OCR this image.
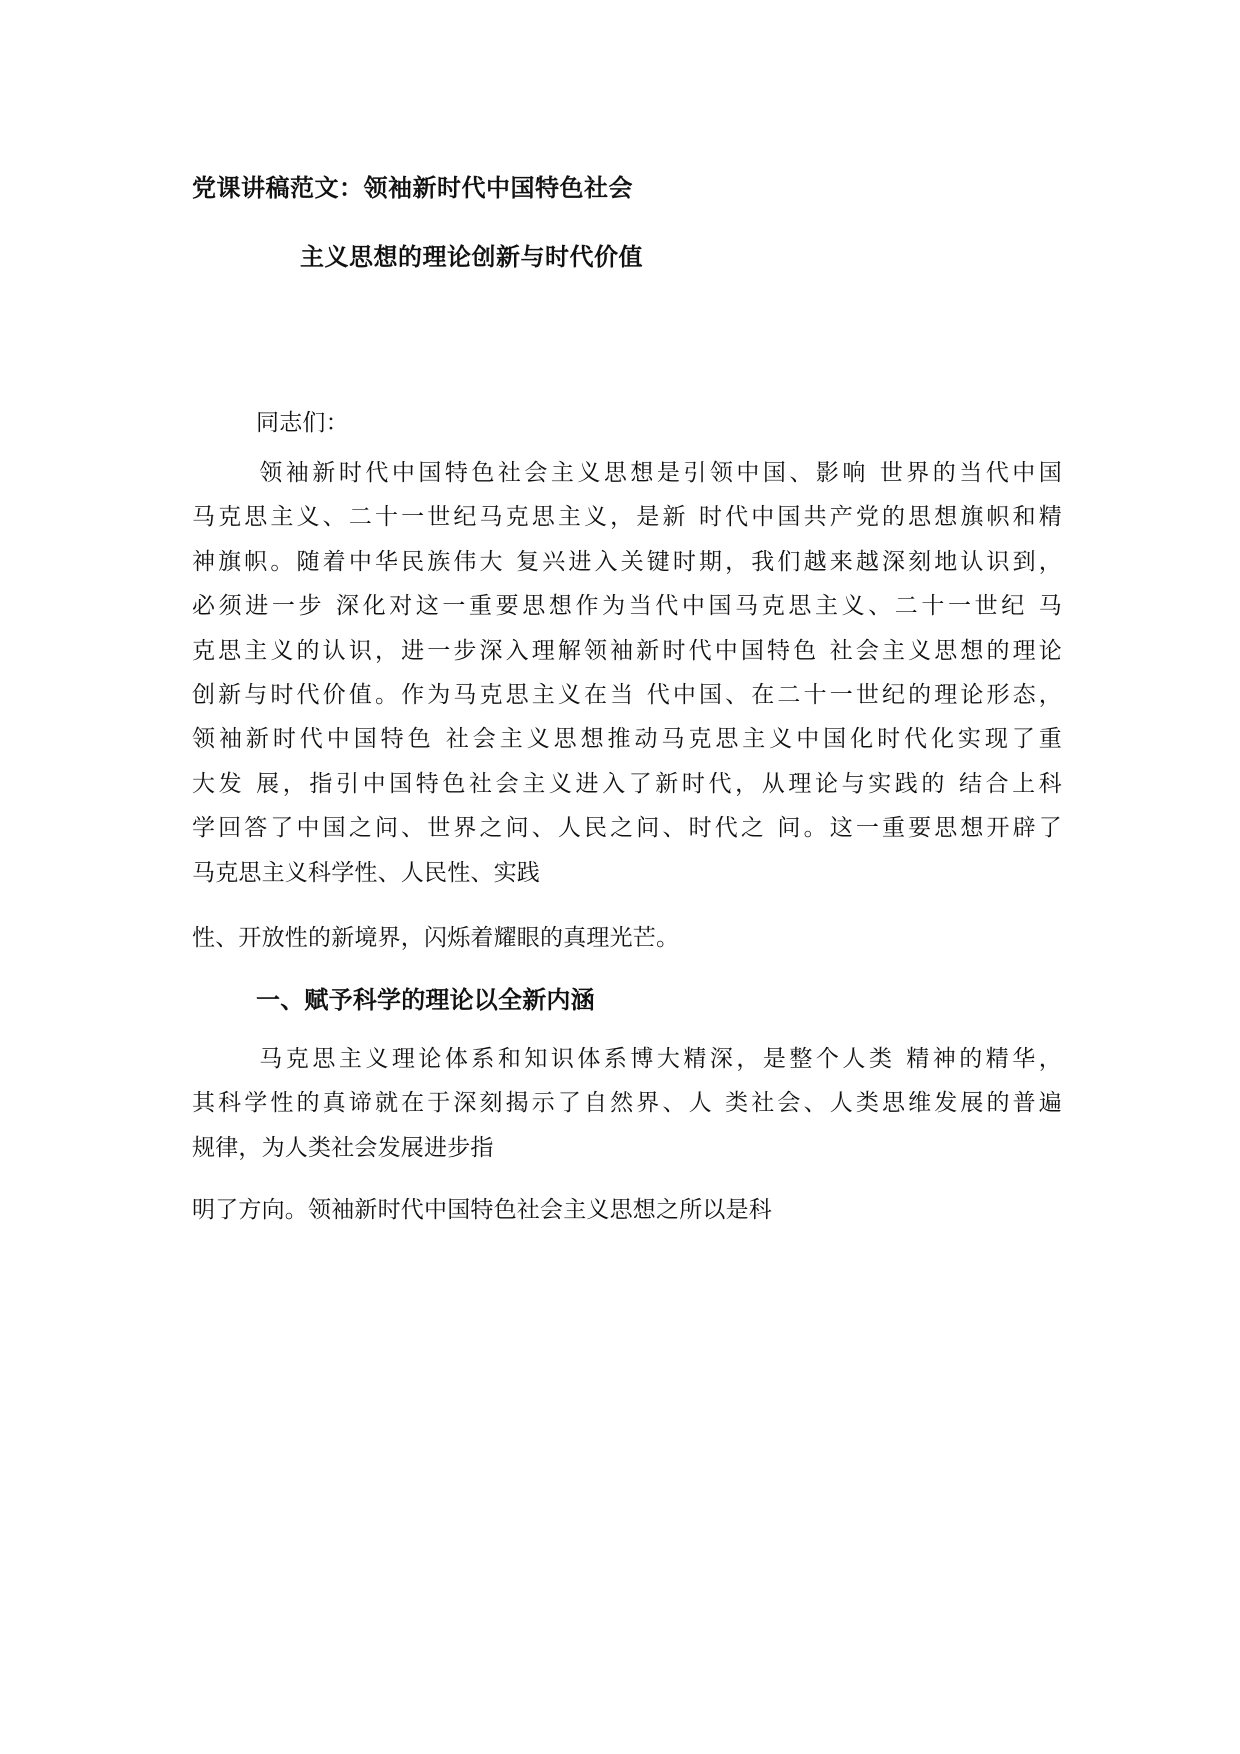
党课讲稿范文：领袖新时代中国特色社会
主义思想的理论创新与时代价值
同志们：
领袖新时代中国特色社会主义思想是引领中国、影响 世界的当代中国
马克思主义、二十一世纪马克思主义，是新 时代中国共产党的思想旗帜和精
神旗帜。随着中华民族伟大 复兴进入关键时期，我们越来越深刻地认识到，
必须进一步 深化对这一重要思想作为当代中国马克思主义、二十一世纪 马
克思主义的认识，进一步深入理解领袖新时代中国特色 社会主义思想的理论
创新与时代价值。作为马克思主义在当 代中国、在二十一世纪的理论形态，
领袖新时代中国特色 社会主义思想推动马克思主义中国化时代化实现了重
大发 展，指引中国特色社会主义进入了新时代，从理论与实践的 结合上科
学回答了中国之问、世界之问、人民之问、时代之 问。这一重要思想开辟了
马克思主义科学性、人民性、实践
性、开放性的新境界，闪烁着耀眼的真理光芒。
一、赋予科学的理论以全新内涵
马克思主义理论体系和知识体系博大精深，是整个人类 精神的精华，
其科学性的真谛就在于深刻揭示了自然界、人 类社会、人类思维发展的普遍
规律，为人类社会发展进步指
明了方向。领袖新时代中国特色社会主义思想之所以是科
